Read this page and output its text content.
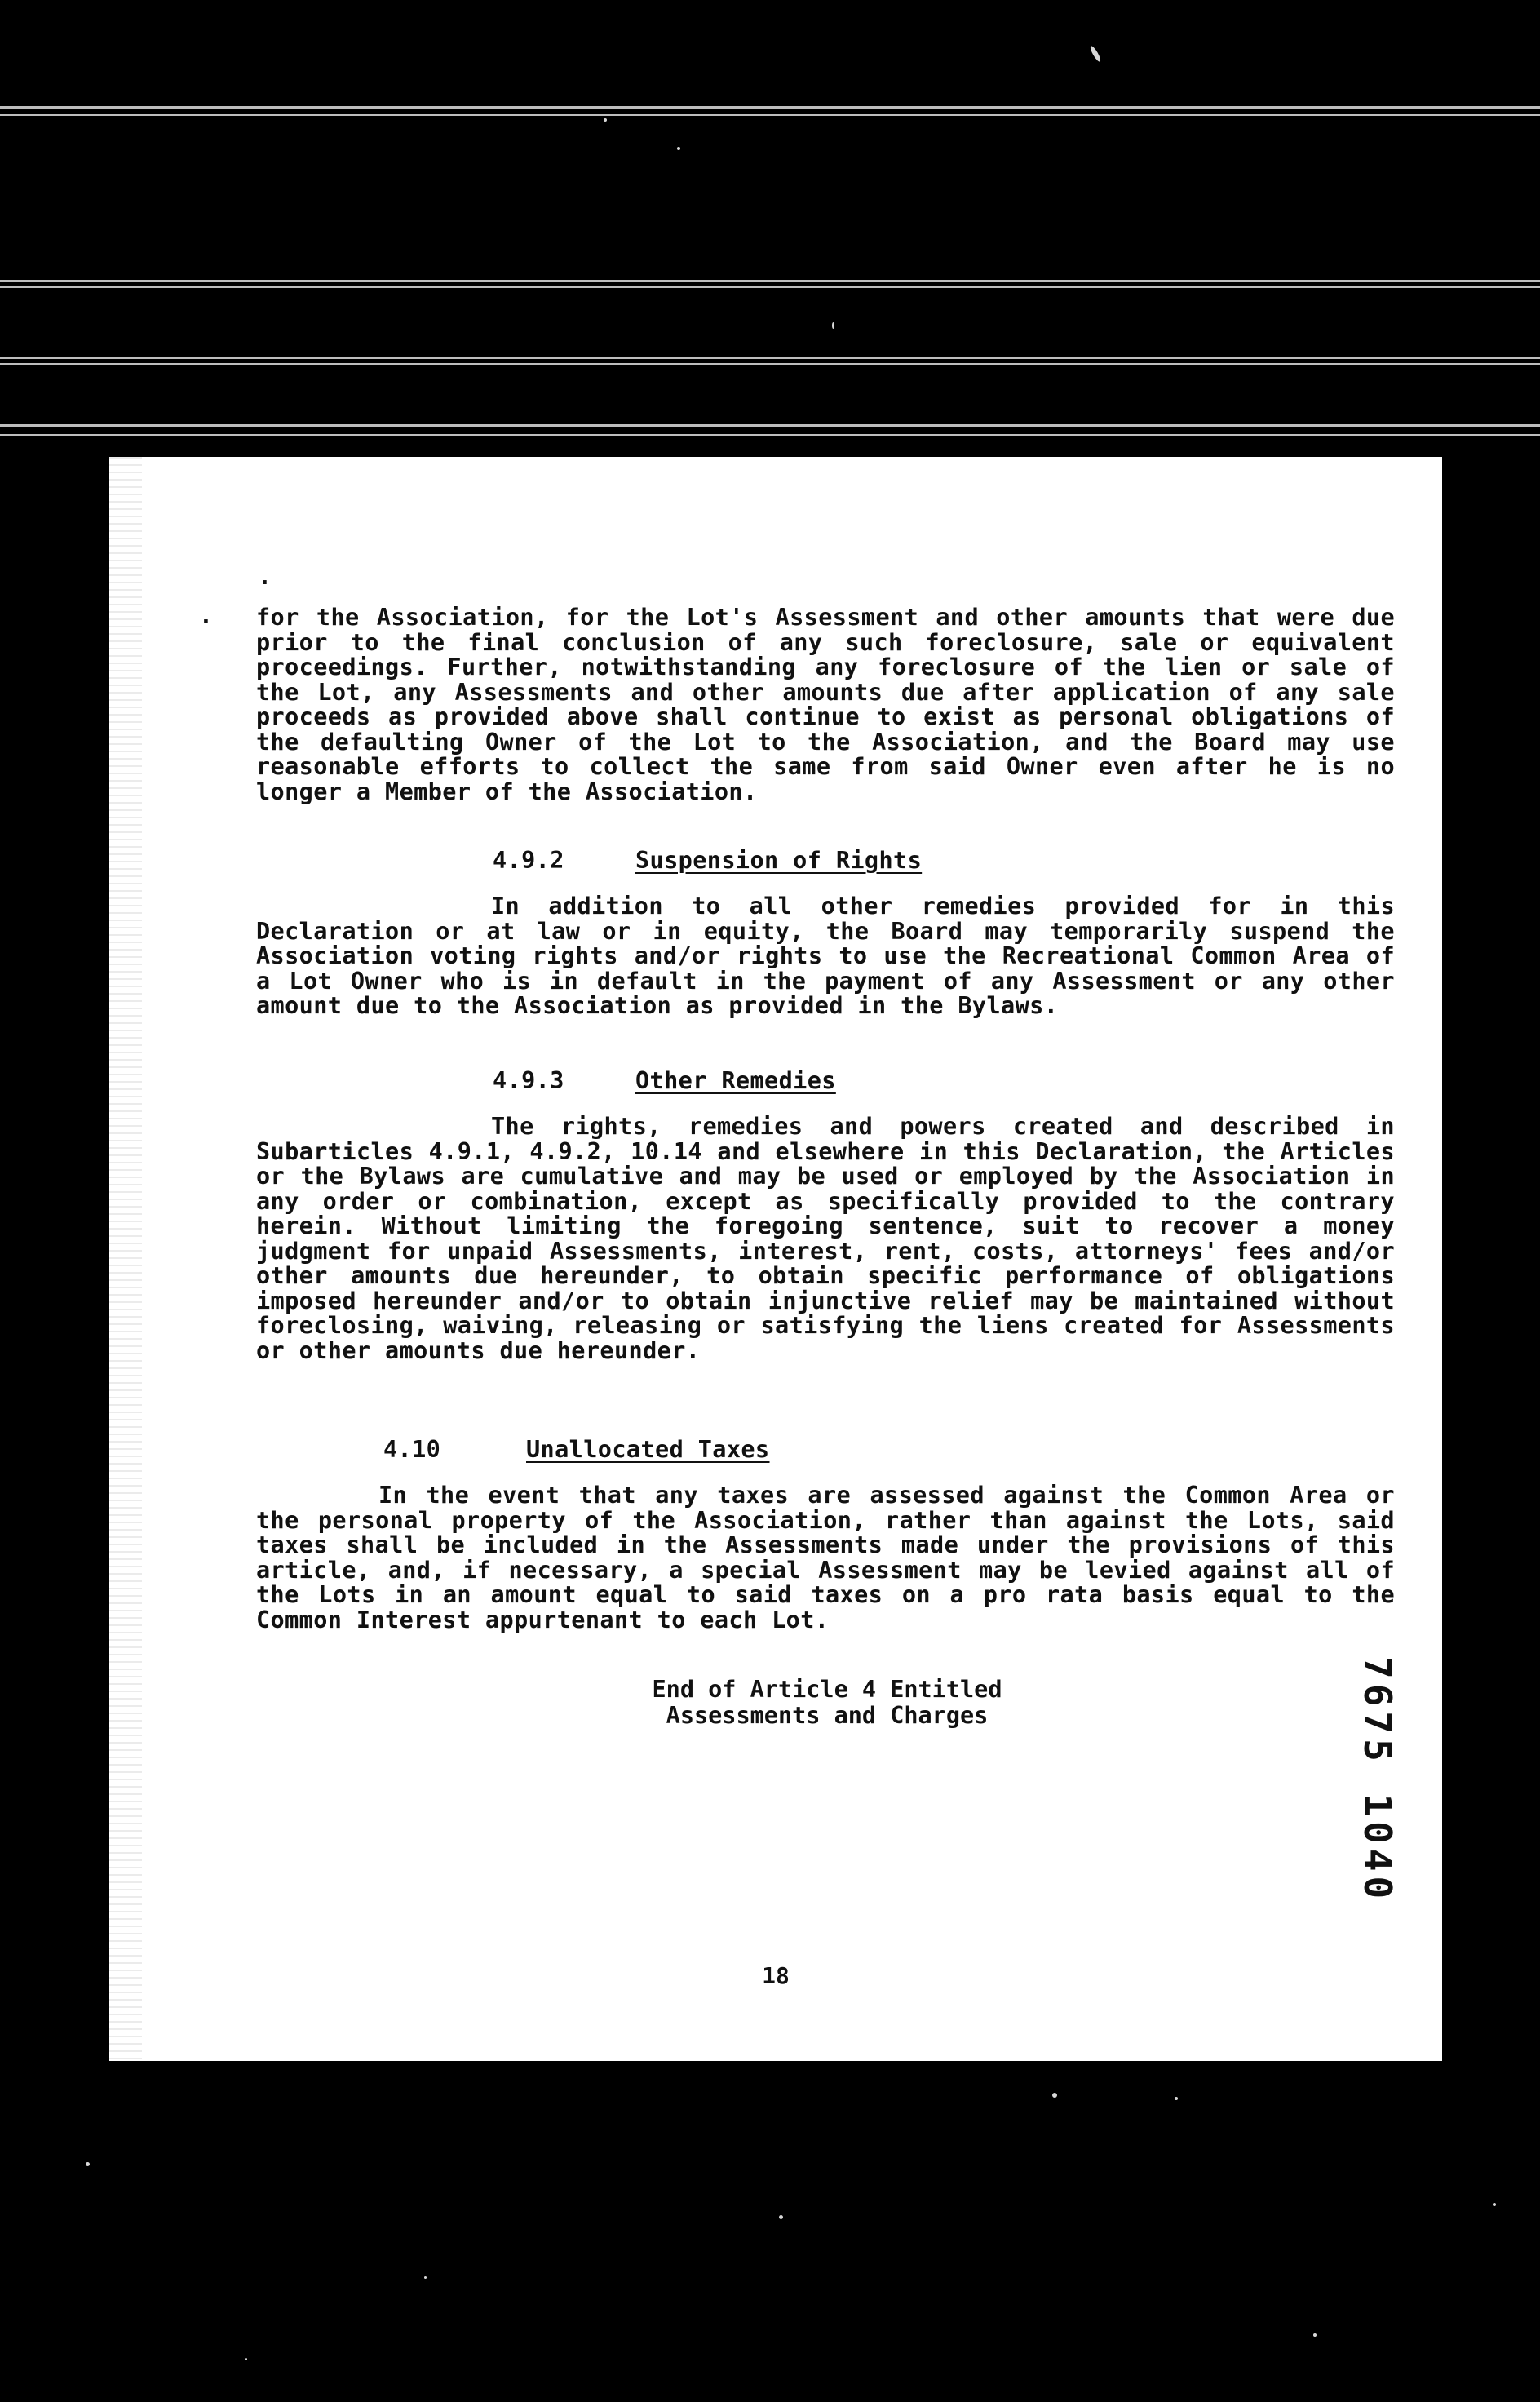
.
. for the Association, for the Lot's Assessment and other amounts that were due prior to the final conclusion of any such foreclosure, sale or equivalent proceedings. Further, notwithstanding any foreclosure of the lien or sale of the Lot, any Assessments and other amounts due after application of any sale proceeds as provided above shall continue to exist as personal obligations of the defaulting Owner of the Lot to the Association, and the Board may use reasonable efforts to collect the same from said Owner even after he is no longer a Member of the Association.
4.9.2	Suspension of Rights
In addition to all other remedies provided for in this Declaration or at law or in equity, the Board may temporarily suspend the Association voting rights and/or rights to use the Recreational Common Area of a Lot Owner who is in default in the payment of any Assessment or any other amount due to the Association as provided in the Bylaws.
4.9.3	Other Remedies
The rights, remedies and powers created and described in Subarticles 4.9.1, 4.9.2, 10.14 and elsewhere in this Declaration, the Articles or the Bylaws are cumulative and may be used or employed by the Association in any order or combination, except as specifically provided to the contrary herein. Without limiting the foregoing sentence, suit to recover a money judgment for unpaid Assessments, interest, rent, costs, attorneys' fees and/or other amounts due hereunder, to obtain specific performance of obligations imposed hereunder and/or to obtain injunctive relief may be maintained without foreclosing, waiving, releasing or satisfying the liens created for Assessments or other amounts due hereunder.
4.10	Unallocated Taxes
In the event that any taxes are assessed against the Common Area or the personal property of the Association, rather than against the Lots, said taxes shall be included in the Assessments made under the provisions of this article, and, if necessary, a special Assessment may be levied against all of the Lots in an amount equal to said taxes on a pro rata basis equal to the Common Interest appurtenant to each Lot.
End of Article 4 Entitled
Assessments and Charges
18
7675 1040
